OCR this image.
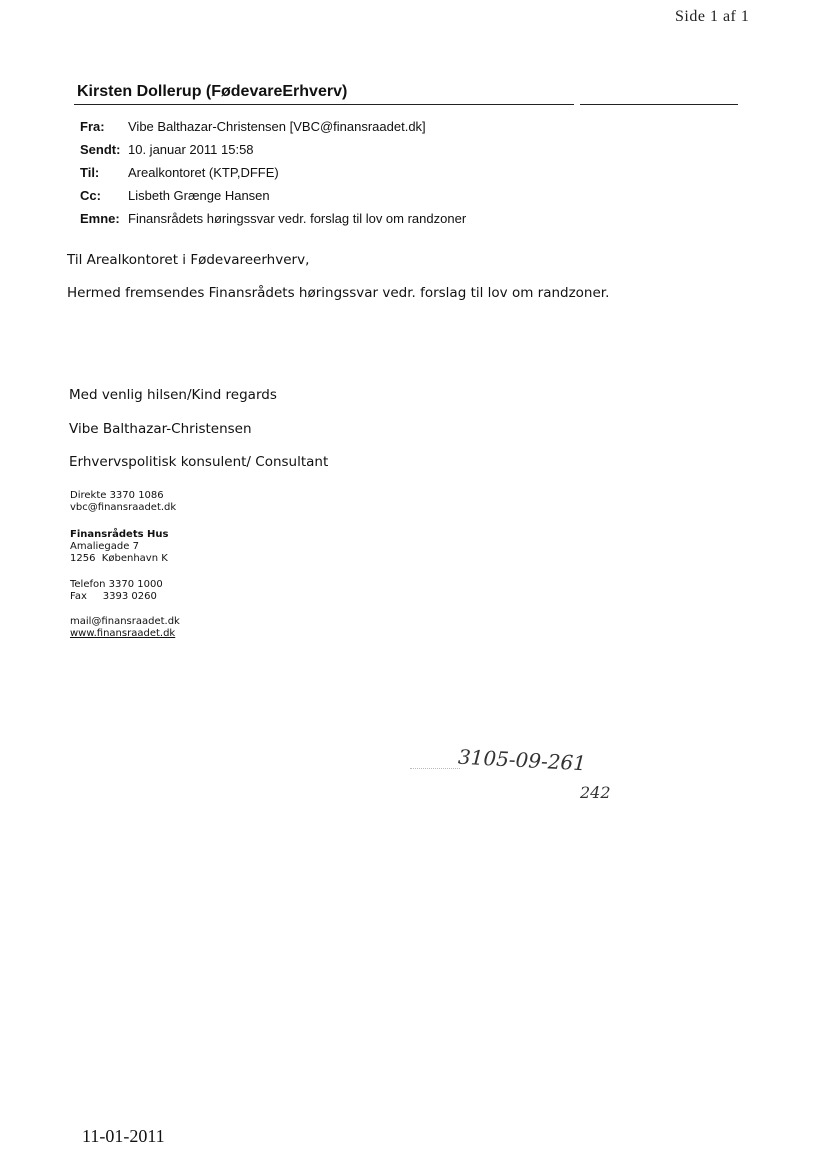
Side 1 af 1
Kirsten Dollerup (FødevareErhverv)
Fra:	Vibe Balthazar-Christensen [VBC@finansraadet.dk]
Sendt: 10. januar 2011 15:58
Til:	Arealkontoret (KTP,DFFE)
Cc:	Lisbeth Grænge Hansen
Emne: Finansrådets høringssvar vedr. forslag til lov om randzoner
Til Arealkontoret i Fødevareerhverv,
Hermed fremsendes Finansrådets høringssvar vedr. forslag til lov om randzoner.
Med venlig hilsen/Kind regards
Vibe Balthazar-Christensen
Erhvervspolitisk konsulent/ Consultant
Direkte 3370 1086
vbc@finansraadet.dk
Finansrådets Hus
Amaliegade 7
1256  København K
Telefon 3370 1000
Fax     3393 0260
mail@finansraadet.dk
www.finansraadet.dk
3105-09-261
242
11-01-2011
